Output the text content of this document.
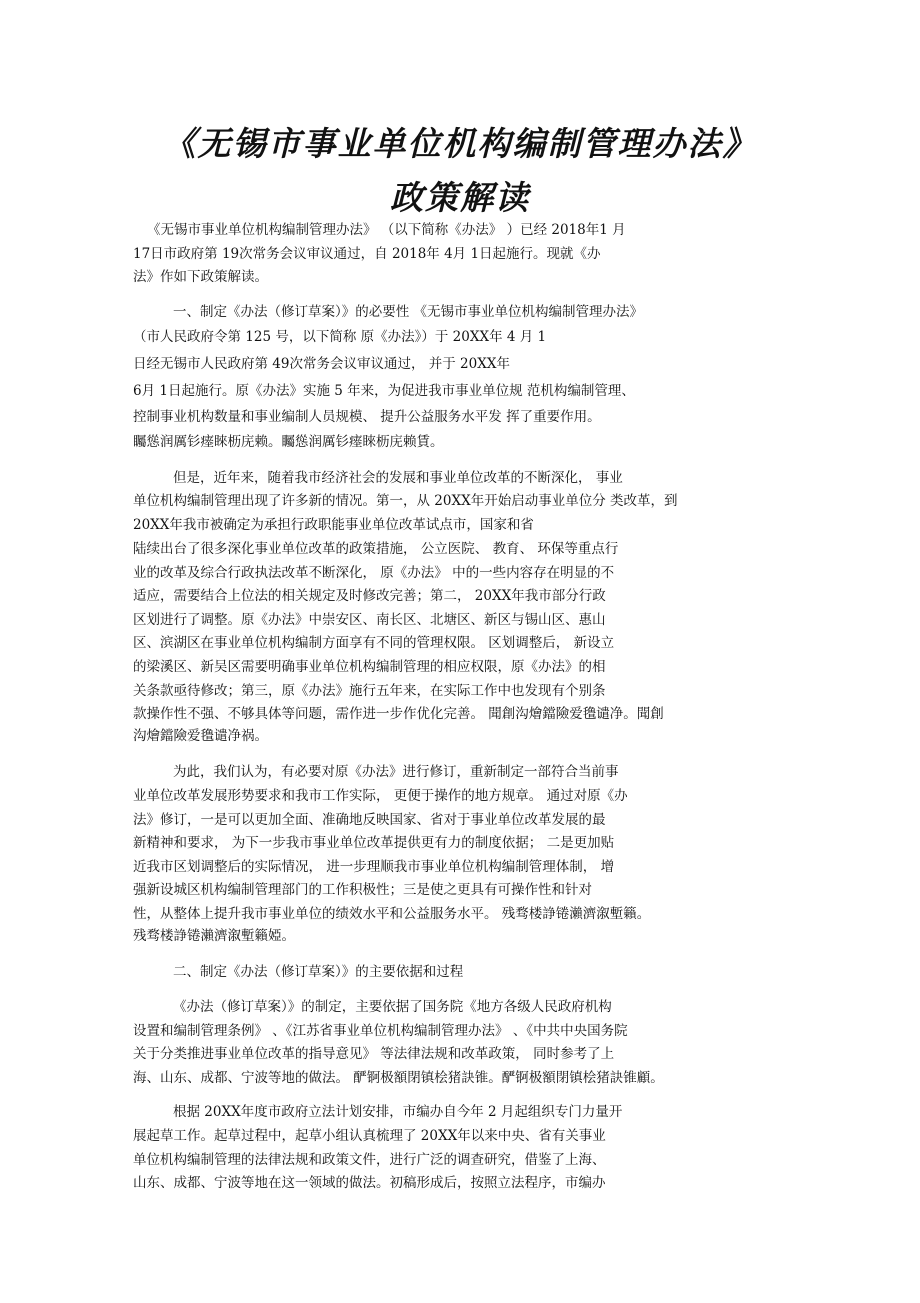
《无锡市事业单位机构编制管理办法》
政策解读
《无锡市事业单位机构编制管理办法》 （以下简称《办法》 ）已经 2018年1 月
17日市政府第 19次常务会议审议通过，自 2018年 4月 1日起施行。现就《办
法》作如下政策解读。
一、制定《办法（修订草案）》的必要性 《无锡市事业单位机构编制管理办法》
（市人民政府令第 125 号，以下简称 原《办法》）于 20XX年 4 月 1
日经无锡市人民政府第 49次常务会议审议通过， 并于 20XX年
6月 1日起施行。原《办法》实施 5 年来，为促进我市事业单位规 范机构编制管理、
控制事业机构数量和事业编制人员规模、 提升公益服务水平发 挥了重要作用。
矚慫润厲钐瘗睞枥庑赖。矚慫润厲钐瘗睞枥庑赖賃。
但是，近年来，随着我市经济社会的发展和事业单位改革的不断深化， 事业
单位机构编制管理出现了许多新的情况。第一，从 20XX年开始启动事业单位分 类改革，到
20XX年我市被确定为承担行政职能事业单位改革试点市，国家和省
陆续出台了很多深化事业单位改革的政策措施， 公立医院、 教育、 环保等重点行
业的改革及综合行政执法改革不断深化， 原《办法》 中的一些内容存在明显的不
适应，需要结合上位法的相关规定及时修改完善；第二， 20XX年我市部分行政
区划进行了调整。原《办法》中崇安区、南长区、北塘区、新区与锡山区、惠山
区、滨湖区在事业单位机构编制方面享有不同的管理权限。 区划调整后， 新设立
的梁溪区、新吴区需要明确事业单位机构编制管理的相应权限，原《办法》的相
关条款亟待修改；第三，原《办法》施行五年来，在实际工作中也发现有个别条
款操作性不强、不够具体等问题，需作进一步作优化完善。 聞創沟燴鐺險爱氇谴净。聞創
沟燴鐺險爱氇谴净祸。
为此，我们认为，有必要对原《办法》进行修订，重新制定一部符合当前事
业单位改革发展形势要求和我市工作实际， 更便于操作的地方规章。 通过对原《办
法》修订，一是可以更加全面、准确地反映国家、省对于事业单位改革发展的最
新精神和要求， 为下一步我市事业单位改革提供更有力的制度依据； 二是更加贴
近我市区划调整后的实际情况， 进一步理顺我市事业单位机构编制管理体制， 增
强新设城区机构编制管理部门的工作积极性；三是使之更具有可操作性和针对
性，从整体上提升我市事业单位的绩效水平和公益服务水平。 残骛楼諍锩瀨濟溆塹籟。
残骛楼諍锩瀨濟溆塹籟婭。
二、制定《办法（修订草案）》的主要依据和过程
《办法（修订草案）》的制定，主要依据了国务院《地方各级人民政府机构
设置和编制管理条例》 、《江苏省事业单位机构编制管理办法》 、《中共中央国务院
关于分类推进事业单位改革的指导意见》 等法律法规和改革政策， 同时参考了上
海、山东、成都、宁波等地的做法。 酽锕极額閉镇桧猪訣锥。酽锕极額閉镇桧猪訣锥顧。
根据 20XX年度市政府立法计划安排，市编办自今年 2 月起组织专门力量开
展起草工作。起草过程中，起草小组认真梳理了 20XX年以来中央、省有关事业
单位机构编制管理的法律法规和政策文件，进行广泛的调查研究，借鉴了上海、
山东、成都、宁波等地在这一领域的做法。初稿形成后，按照立法程序，市编办
